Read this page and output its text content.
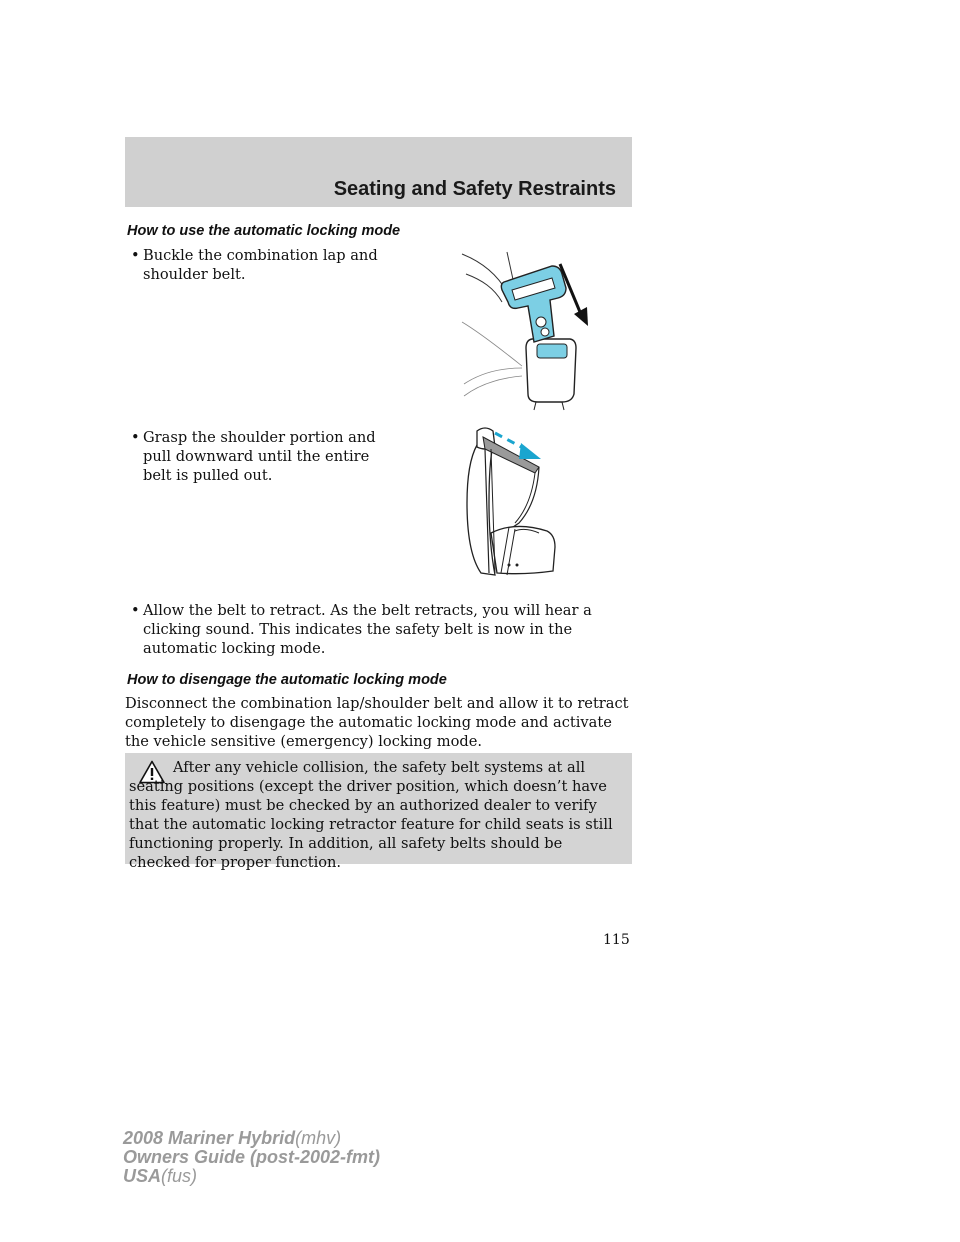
Seating and Safety Restraints
How to use the automatic locking mode
• Buckle the combination lap and shoulder belt.
• Grasp the shoulder portion and pull downward until the entire belt is pulled out.
• Allow the belt to retract. As the belt retracts, you will hear a clicking sound. This indicates the safety belt is now in the automatic locking mode.
How to disengage the automatic locking mode
Disconnect the combination lap/shoulder belt and allow it to retract completely to disengage the automatic locking mode and activate the vehicle sensitive (emergency) locking mode.
After any vehicle collision, the safety belt systems at all seating positions (except the driver position, which doesn’t have this feature) must be checked by an authorized dealer to verify that the automatic locking retractor feature for child seats is still functioning properly. In addition, all safety belts should be checked for proper function.
115
2008 Mariner Hybrid(mhv)
Owners Guide (post-2002-fmt)
USA(fus)
